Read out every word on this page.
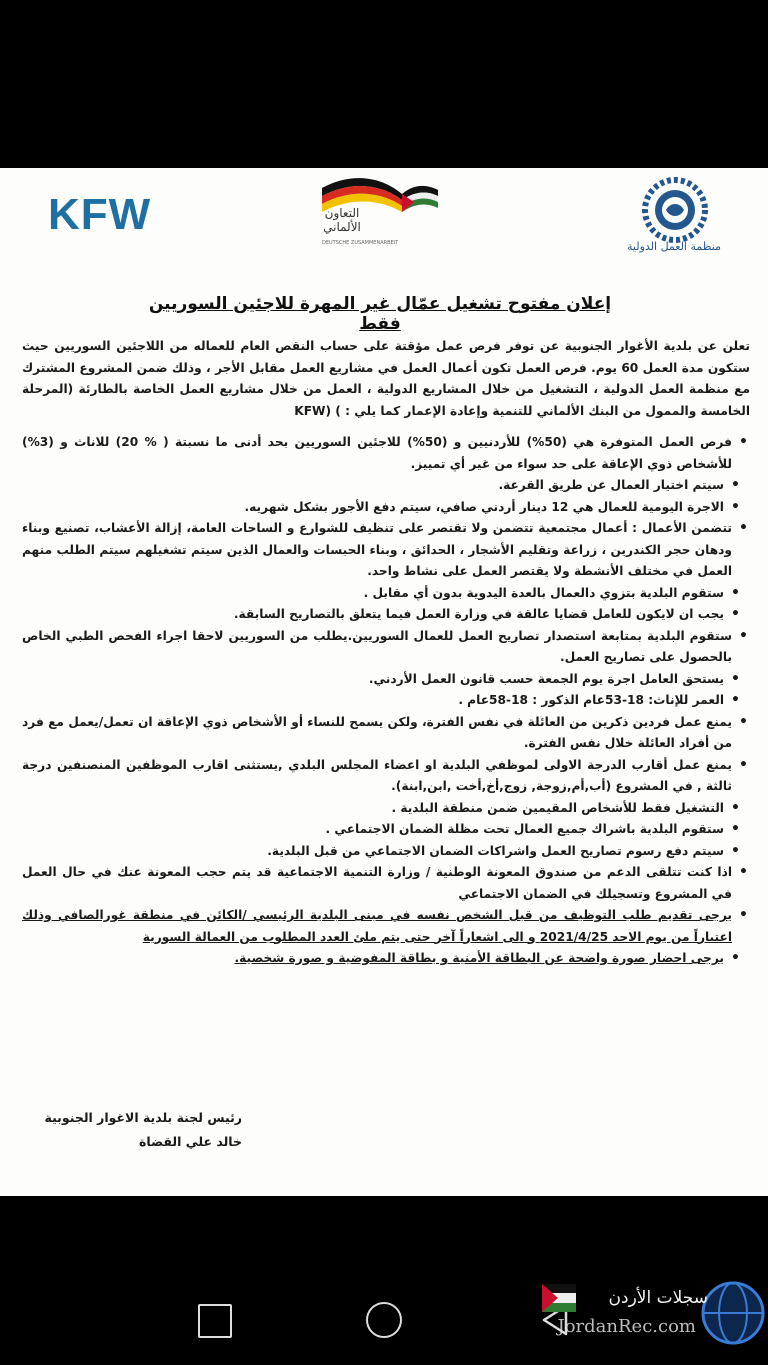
KFW	التعاون
الألماني
DEUTSCHE ZUSAMMENARBEIT	منظمة العمل الدولية
إعلان مفتوح تشغيل عمّال غير المهرة للاجئين السوريين فقط

تعلن عن بلدية الأغوار الجنوبية عن توفر فرص عمل مؤقتة على حساب النقص العام للعماله من اللاجئين السوريين حيث ستكون مدة العمل 60 يوم. فرص العمل تكون أعمال العمل في مشاريع العمل مقابل الأجر ، وذلك ضمن المشروع المشترك مع منظمة العمل الدولية ، التشغيل من خلال المشاريع الدولية ، العمل من خلال مشاريع العمل الخاصة بالطارئة (المرحلة الخامسة والممول من البنك الألماني للتنمية وإعادة الإعمار كما يلي : ) (KFW

• فرص العمل المتوفرة هي (50%) للأردنيين و (50%) للاجئين السوريين بحد أدنى ما نسبتة ( % 20) للاناث و (3%) للأشخاص ذوي الإعاقة على حد سواء من غير أي تمييز.
• سيتم اختيار العمال عن طريق القرعة.
• الاجرة اليومية للعمال هي 12 دينار أردني صافي، سيتم دفع الأجور بشكل شهريه.
• تتضمن الأعمال : أعمال مجتمعية تتضمن ولا تقتصر على تنظيف للشوارع و الساحات العامة، إزالة الأعشاب، تصنيع وبناء ودهان حجر الكندرين ، زراعة وتقليم الأشجار ، الحدائق ، وبناء الحبسات والعمال الذين سيتم تشغيلهم سيتم الطلب منهم العمل في مختلف الأنشطة ولا يقتصر العمل على نشاط واحد.
• ستقوم البلدية بتزوي دالعمال بالعدة اليدوية بدون أي مقابل .
• يجب ان لايكون للعامل قضايا عالقة في وزارة العمل فيما يتعلق بالتصاريح السابقة.
• ستقوم البلدية بمتابعة استصدار تصاريح العمل للعمال السوريين.يطلب من السوريين لاحقا اجراء الفحص الطبي الخاص بالحصول على تصاريح العمل.
• يستحق العامل اجرة يوم الجمعة حسب قانون العمل الأردني.
• العمر للإناث: 18-53عام الذكور : 18-58عام .
• يمنع عمل فردين ذكرين من العائلة في نفس الفترة، ولكن يسمح للنساء أو الأشخاص ذوي الإعاقة ان تعمل/يعمل مع فرد من أفراد العائلة خلال نفس الفترة.
• يمنع عمل أقارب الدرجة الاولى لموظفي البلدية او اعضاء المجلس البلدي ,يستثنى اقارب الموظفين المنصنفين درجة ثالثة , في المشروع (أب,أم,زوجة, زوج,أخ,أخت ,ابن,ابنة).
• التشغيل فقط للأشخاص المقيمين ضمن منطقة البلدية .
• ستقوم البلدية باشراك جميع العمال تحت مظلة الضمان الاجتماعي .
• سيتم دفع رسوم تصاريح العمل واشراكات الضمان الاجتماعي من قبل البلدية.
• اذا كنت تتلقى الدعم من صندوق المعونة الوطنية / وزارة التنمية الاجتماعية قد يتم حجب المعونة عنك في حال العمل في المشروع وتسجيلك في الضمان الاجتماعي
• يرجى تقديم طلب التوظيف من قبل الشخص نفسه في مبنى البلدية الرئيسي /الكائن في منطقة غورالصافي وذلك اعتباراً من يوم الاحد 2021/4/25 و الى اشعاراً آخر حتى يتم ملئ العدد المطلوب من العمالة السورية
• يرجى احضار صورة واضحة عن البطاقة الأمنية و بطاقة المفوضية و صورة شخصية.
رئيس لجنة بلدية الاغوار الجنوبية
خالد علي القضاة
سجلات الأردن
JordanRec.com
